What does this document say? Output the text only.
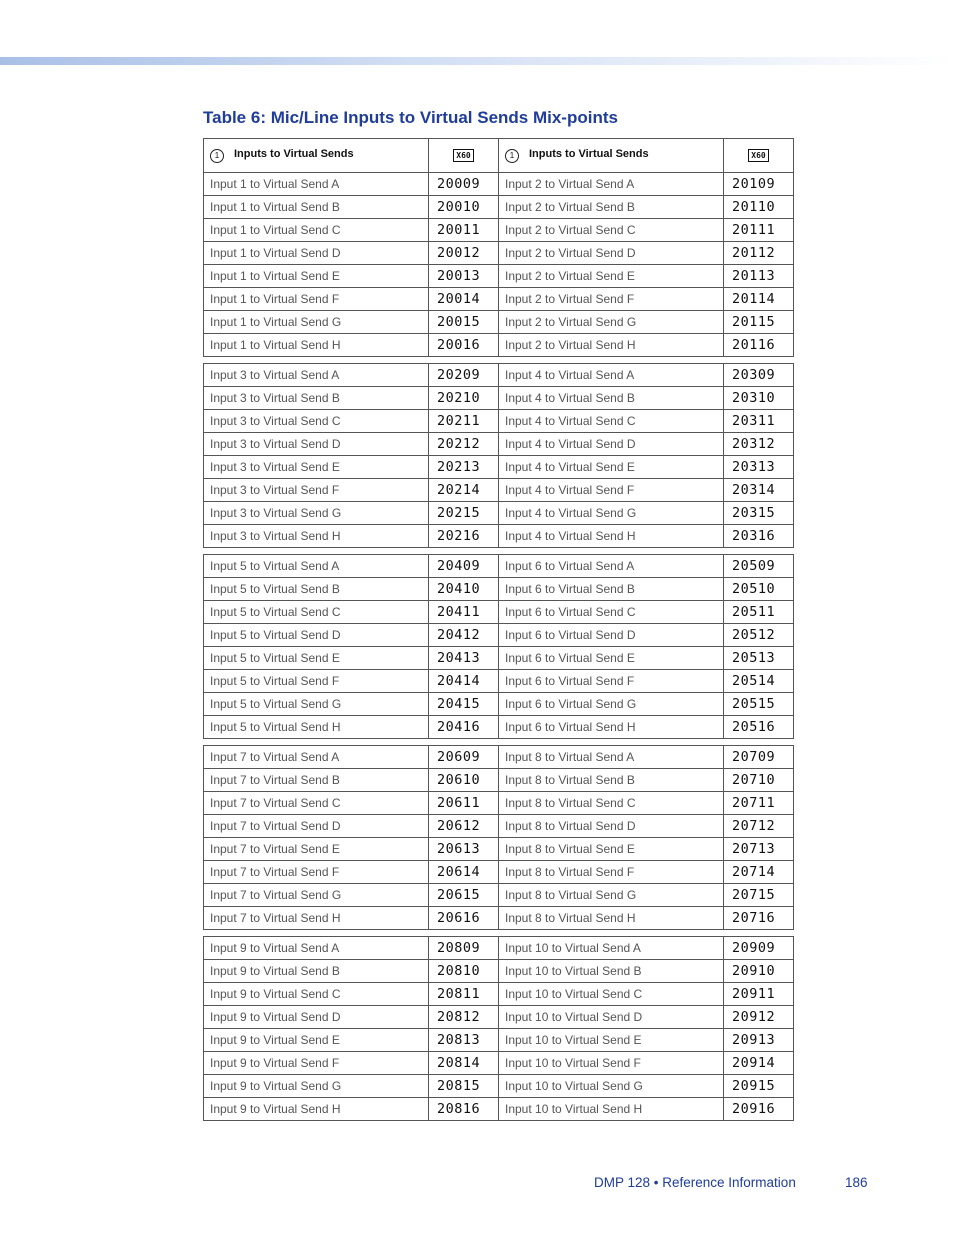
Table 6: Mic/Line Inputs to Virtual Sends Mix-points
1 Inputs to Virtual Sends	X60	1 Inputs to Virtual Sends	X60
Input 1 to Virtual Send A	20009	Input 2 to Virtual Send A	20109
Input 1 to Virtual Send B	20010	Input 2 to Virtual Send B	20110
Input 1 to Virtual Send C	20011	Input 2 to Virtual Send C	20111
Input 1 to Virtual Send D	20012	Input 2 to Virtual Send D	20112
Input 1 to Virtual Send E	20013	Input 2 to Virtual Send E	20113
Input 1 to Virtual Send F	20014	Input 2 to Virtual Send F	20114
Input 1 to Virtual Send G	20015	Input 2 to Virtual Send G	20115
Input 1 to Virtual Send H	20016	Input 2 to Virtual Send H	20116

Input 3 to Virtual Send A	20209	Input 4 to Virtual Send A	20309
Input 3 to Virtual Send B	20210	Input 4 to Virtual Send B	20310
Input 3 to Virtual Send C	20211	Input 4 to Virtual Send C	20311
Input 3 to Virtual Send D	20212	Input 4 to Virtual Send D	20312
Input 3 to Virtual Send E	20213	Input 4 to Virtual Send E	20313
Input 3 to Virtual Send F	20214	Input 4 to Virtual Send F	20314
Input 3 to Virtual Send G	20215	Input 4 to Virtual Send G	20315
Input 3 to Virtual Send H	20216	Input 4 to Virtual Send H	20316

Input 5 to Virtual Send A	20409	Input 6 to Virtual Send A	20509
Input 5 to Virtual Send B	20410	Input 6 to Virtual Send B	20510
Input 5 to Virtual Send C	20411	Input 6 to Virtual Send C	20511
Input 5 to Virtual Send D	20412	Input 6 to Virtual Send D	20512
Input 5 to Virtual Send E	20413	Input 6 to Virtual Send E	20513
Input 5 to Virtual Send F	20414	Input 6 to Virtual Send F	20514
Input 5 to Virtual Send G	20415	Input 6 to Virtual Send G	20515
Input 5 to Virtual Send H	20416	Input 6 to Virtual Send H	20516

Input 7 to Virtual Send A	20609	Input 8 to Virtual Send A	20709
Input 7 to Virtual Send B	20610	Input 8 to Virtual Send B	20710
Input 7 to Virtual Send C	20611	Input 8 to Virtual Send C	20711
Input 7 to Virtual Send D	20612	Input 8 to Virtual Send D	20712
Input 7 to Virtual Send E	20613	Input 8 to Virtual Send E	20713
Input 7 to Virtual Send F	20614	Input 8 to Virtual Send F	20714
Input 7 to Virtual Send G	20615	Input 8 to Virtual Send G	20715
Input 7 to Virtual Send H	20616	Input 8 to Virtual Send H	20716

Input 9 to Virtual Send A	20809	Input 10 to Virtual Send A	20909
Input 9 to Virtual Send B	20810	Input 10 to Virtual Send B	20910
Input 9 to Virtual Send C	20811	Input 10 to Virtual Send C	20911
Input 9 to Virtual Send D	20812	Input 10 to Virtual Send D	20912
Input 9 to Virtual Send E	20813	Input 10 to Virtual Send E	20913
Input 9 to Virtual Send F	20814	Input 10 to Virtual Send F	20914
Input 9 to Virtual Send G	20815	Input 10 to Virtual Send G	20915
Input 9 to Virtual Send H	20816	Input 10 to Virtual Send H	20916
DMP 128 • Reference Information	186
